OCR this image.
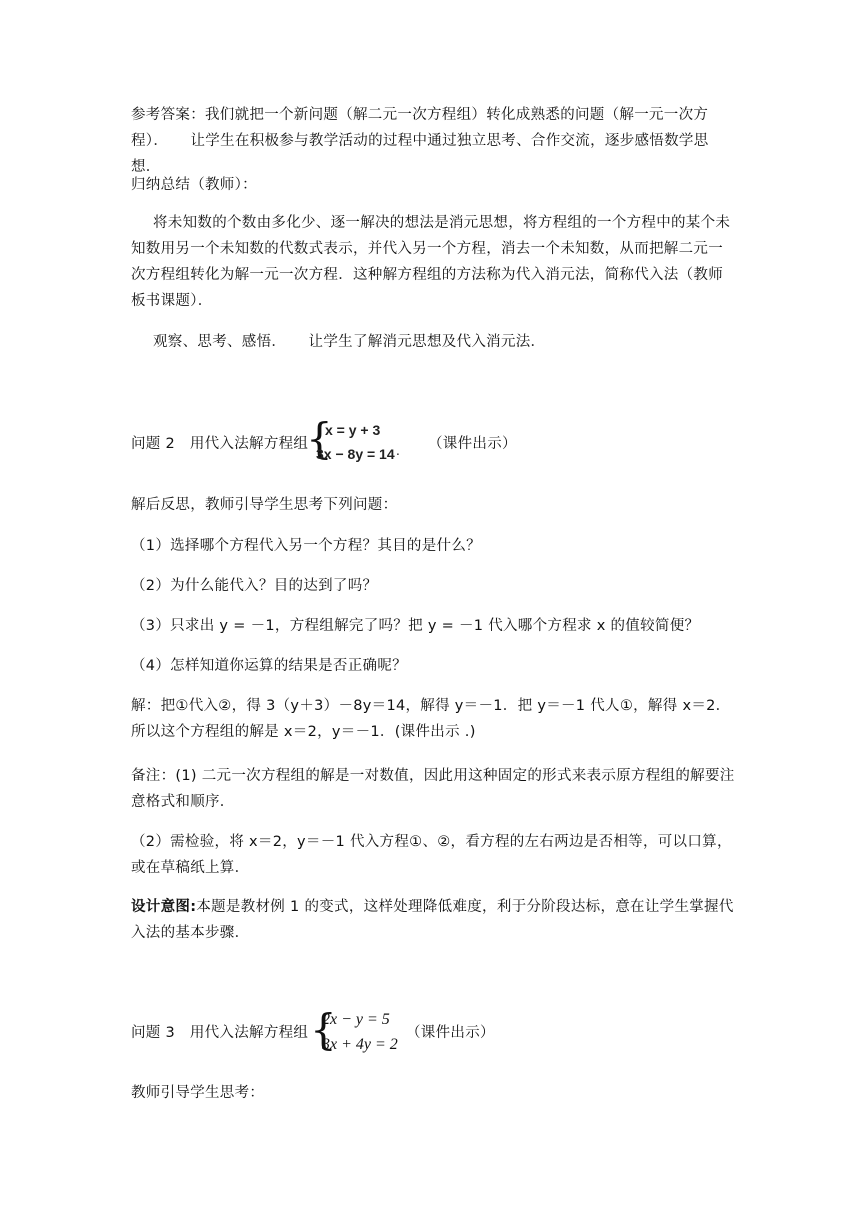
参考答案：我们就把一个新问题（解二元一次方程组）转化成熟悉的问题（解一元一次方程）．　　让学生在积极参与教学活动的过程中通过独立思考、合作交流，逐步感悟数学思想．

归纳总结（教师）：

将未知数的个数由多化少、逐一解决的想法是消元思想，将方程组的一个方程中的某个未知数用另一个未知数的代数式表示，并代入另一个方程，消去一个未知数，从而把解二元一次方程组转化为解一元一次方程．这种解方程组的方法称为代入消元法，简称代入法（教师板书课题）．

观察、思考、感悟．　　让学生了解消元思想及代入消元法．

问题 2　用代入法解方程组
{
x = y + 3
3x − 8y = 14 . （课件出示）

解后反思，教师引导学生思考下列问题：

（1）选择哪个方程代入另一个方程？其目的是什么？

（2）为什么能代入？目的达到了吗？

（3）只求出 y = －1，方程组解完了吗？把 y = －1 代入哪个方程求 x 的值较简便？

（4）怎样知道你运算的结果是否正确呢？

解：把①代入②，得 3（y＋3）－8y＝14，解得 y＝－1．把 y＝－1 代人①，解得 x＝2．所以这个方程组的解是 x＝2，y＝－1．(课件出示 .)

备注：(1) 二元一次方程组的解是一对数值，因此用这种固定的形式来表示原方程组的解要注意格式和顺序．

（2）需检验，将 x＝2，y＝－1 代入方程①、②，看方程的左右两边是否相等，可以口算，或在草稿纸上算．

设计意图:本题是教材例 1 的变式，这样处理降低难度，利于分阶段达标，意在让学生掌握代入法的基本步骤．

问题 3　用代入法解方程组 {
2x − y = 5
3x + 4y = 2
（课件出示）

教师引导学生思考：
